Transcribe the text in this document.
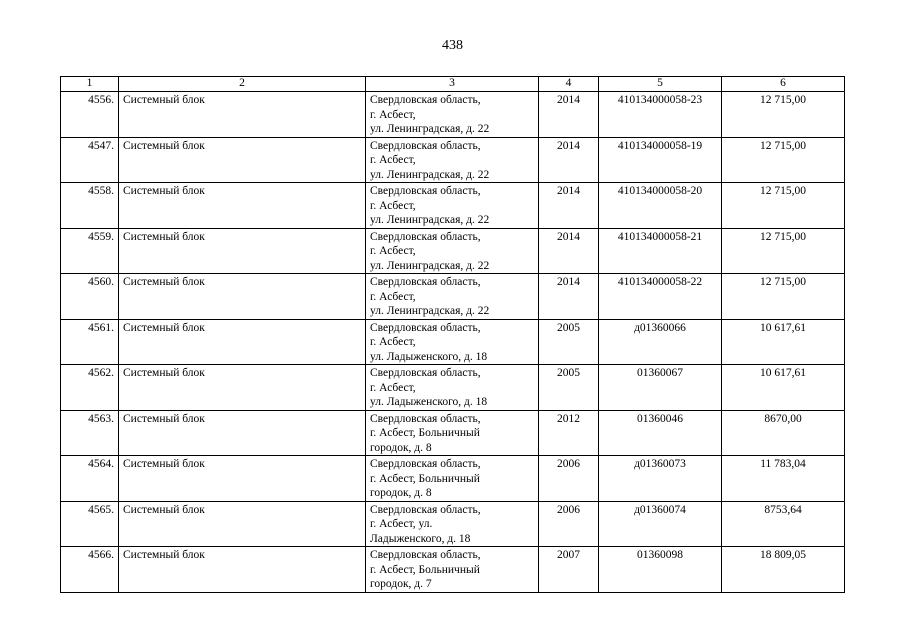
438
1	2	3	4	5	6
4556.	Системный блок	Свердловская область,
г. Асбест,
ул. Ленинградская, д. 22	2014	410134000058-23	12 715,00
4547.	Системный блок	Свердловская область,
г. Асбест,
ул. Ленинградская, д. 22	2014	410134000058-19	12 715,00
4558.	Системный блок	Свердловская область,
г. Асбест,
ул. Ленинградская, д. 22	2014	410134000058-20	12 715,00
4559.	Системный блок	Свердловская область,
г. Асбест,
ул. Ленинградская, д. 22	2014	410134000058-21	12 715,00
4560.	Системный блок	Свердловская область,
г. Асбест,
ул. Ленинградская, д. 22	2014	410134000058-22	12 715,00
4561.	Системный блок	Свердловская область,
г. Асбест,
ул. Ладыженского, д. 18	2005	д01360066	10 617,61
4562.	Системный блок	Свердловская область,
г. Асбест,
ул. Ладыженского, д. 18	2005	01360067	10 617,61
4563.	Системный блок	Свердловская область,
г. Асбест, Больничный
городок, д. 8	2012	01360046	8670,00
4564.	Системный блок	Свердловская область,
г. Асбест, Больничный
городок, д. 8	2006	д01360073	11 783,04
4565.	Системный блок	Свердловская область,
г. Асбест, ул.
Ладыженского, д. 18	2006	д01360074	8753,64
4566.	Системный блок	Свердловская область,
г. Асбест, Больничный
городок, д. 7	2007	01360098	18 809,05
